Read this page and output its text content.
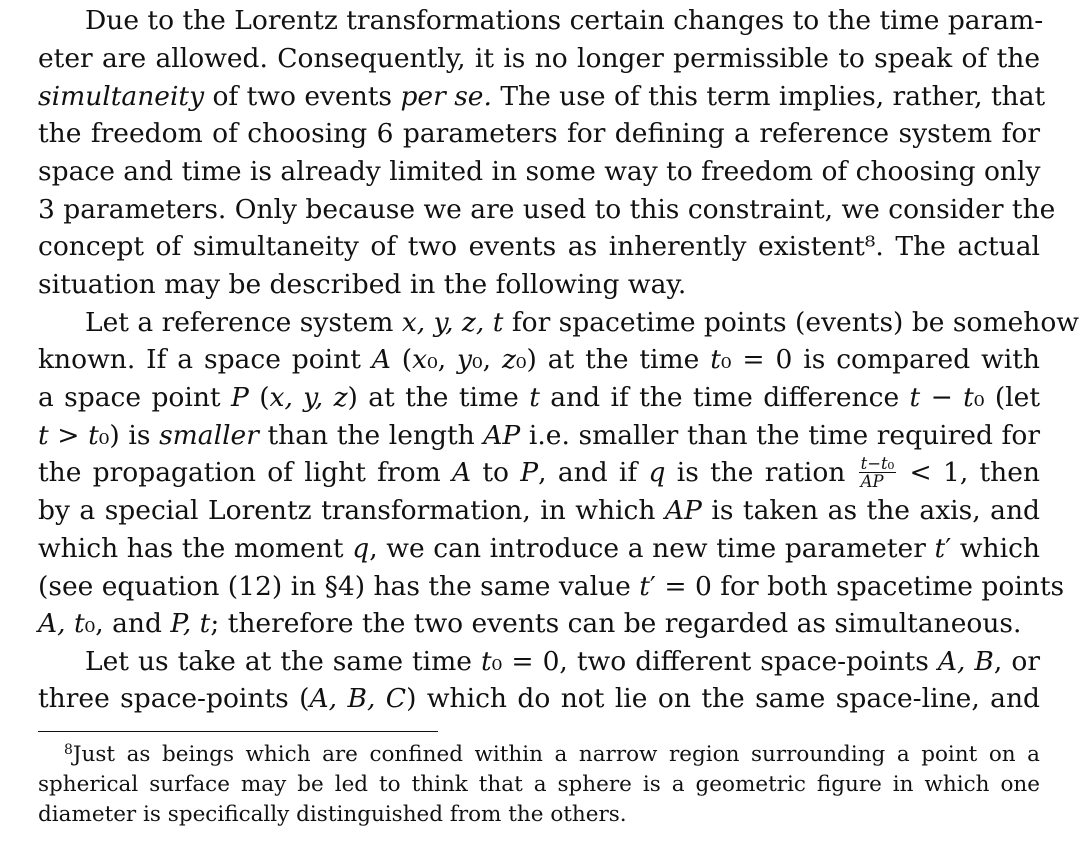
Due to the Lorentz transformations certain changes to the time param-
eter are allowed. Consequently, it is no longer permissible to speak of the
simultaneity of two events per se. The use of this term implies, rather, that
the freedom of choosing 6 parameters for defining a reference system for
space and time is already limited in some way to freedom of choosing only
3 parameters. Only because we are used to this constraint, we consider the
concept of simultaneity of two events as inherently existent⁸. The actual
situation may be described in the following way.
Let a reference system x, y, z, t for spacetime points (events) be somehow
known. If a space point A (x₀, y₀, z₀) at the time t₀ = 0 is compared with
a space point P (x, y, z) at the time t and if the time difference t − t₀ (let
t > t₀) is smaller than the length AP i.e. smaller than the time required for
the propagation of light from A to P, and if q is the ration $\frac{\text{t−t₀}}{AP} < 1$, then
by a special Lorentz transformation, in which AP is taken as the axis, and
which has the moment q, we can introduce a new time parameter t′ which
(see equation (12) in §4) has the same value t′ = 0 for both spacetime points
A, t₀, and P, t; therefore the two events can be regarded as simultaneous.
Let us take at the same time t₀ = 0, two different space-points A, B, or
three space-points (A, B, C) which do not lie on the same space-line, and
$^8$Just as beings which are confined within a narrow region surrounding a point on a
spherical surface may be led to think that a sphere is a geometric figure in which one
diameter is specifically distinguished from the others.
